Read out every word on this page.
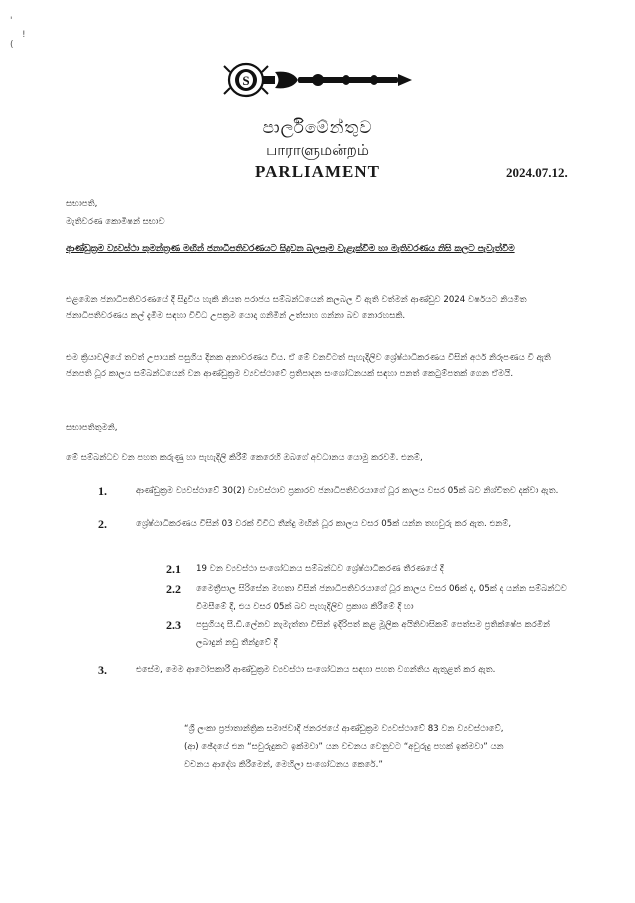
'
!
(
S
පාර්ලිමේන්තුව
பாராளுமன்றம்
PARLIAMENT	2024.07.12.
සභාපති,
මැතිවරණ කොමිෂන් සභාව
ආණ්ඩුක්‍රම ව්‍යවස්ථා කුමන්ත්‍රණ මඟින් ජනාධිපතිවරණයට සිදුවන බලපෑම වැළැක්වීම හා මැතිවරණය නිසි කලට පැවැත්වීම
එළඹෙන ජනාධිපතිවරණයේ දී සිදුවිය හැකි නියත පරාජය සම්බන්ධයෙන් කලබල වී ඇති වත්මන් ආණ්ඩුව 2024 වර්ෂයට නියමිත ජනාධිපතිවරණය කල් දැමීම සඳහා විවිධ උපක්‍රම යොදා ගනිමින් උත්සාහ ගන්නා බව නොරහසකි.
එම ක්‍රියාවලියේ තවත් උපායක් පසුගිය දිනක අනාවරණය විය. ඒ මේ වනවිටත් පැහැදිලිව ශ්‍රේෂ්ඨාධිකරණය විසින් අර්ථ නිරූපණය වී ඇති ජනපති ධූර කාලය සම්බන්ධයෙන් වන ආණ්ඩුක්‍රම ව්‍යවස්ථාවේ ප්‍රතිපාදන සංශෝධනයක් සඳහා පනත් කෙටුම්පතක් ගෙන ඒමයි.
සභාපතිතුමනි,
මේ සම්බන්ධව වන පහත කරුණු හා පැහැදිලි කිරීම් කෙරෙහි ඔබගේ අවධානය යොමු කරවමි. එනම්,
1.	ආණ්ඩුක්‍රම ව්‍යවස්ථාවේ 30(2) ව්‍යවස්ථාව ප්‍රකාරව ජනාධිපතිවරයාගේ ධූර කාලය වසර 05ක් බව නිශ්චිතව දක්වා ඇත.
2.	ශ්‍රේෂ්ඨාධිකරණය විසින් 03 වරක් විවිධ තීන්දු මඟින් ධූර කාලය වසර 05ක් යන්න තහවුරු කර ඇත. එනම්,
2.1 19 වන ව්‍යවස්ථා සංශෝධනය සම්බන්ධව ශ්‍රේෂ්ඨාධිකරණ තීරණයේ දී
2.2 මෛත්‍රීපාල සිරිසේන මහතා විසින් ජනාධිපතිවරයාගේ ධූර කාලය වසර 06ක් ද, 05ක් ද යන්න සම්බන්ධව විමසීමේ දී, එය වසර 05ක් බව පැහැදිලිව ප්‍රකාශ කිරීමේ දී හා
2.3 පසුගියදා සී.ඩී.ලේනව නැමැත්තා විසින් ඉදිරිපත් කළ මූලික අයිතිවාසිකම් පෙත්සම ප්‍රතික්ෂේප කරමින් ලබාදුන් නඩු තීන්දුවේ දී
3.	එසේම, මෙම ආටෝපකාරී ආණ්ඩුක්‍රම ව්‍යවස්ථා සංශෝධනය සඳහා පහත වගන්තිය ඇතුළත් කර ඇත.
“ශ්‍රී ලංකා ප්‍රජාතාන්ත්‍රික සමාජවාදී ජනරජයේ ආණ්ඩුක්‍රම ව්‍යවස්ථාවේ 83 වන ව්‍යවස්ථාවේ, (ආ) ඡේදයේ එන “සවුරුදුකට ඉක්මවා” යන වචනය වෙනුවට “අවුරුදු පහක් ඉක්මවා” යන වචනය ආදේශ කිරීමෙන්, මෙහිලා සංශෝධනය කෙරේ.”
